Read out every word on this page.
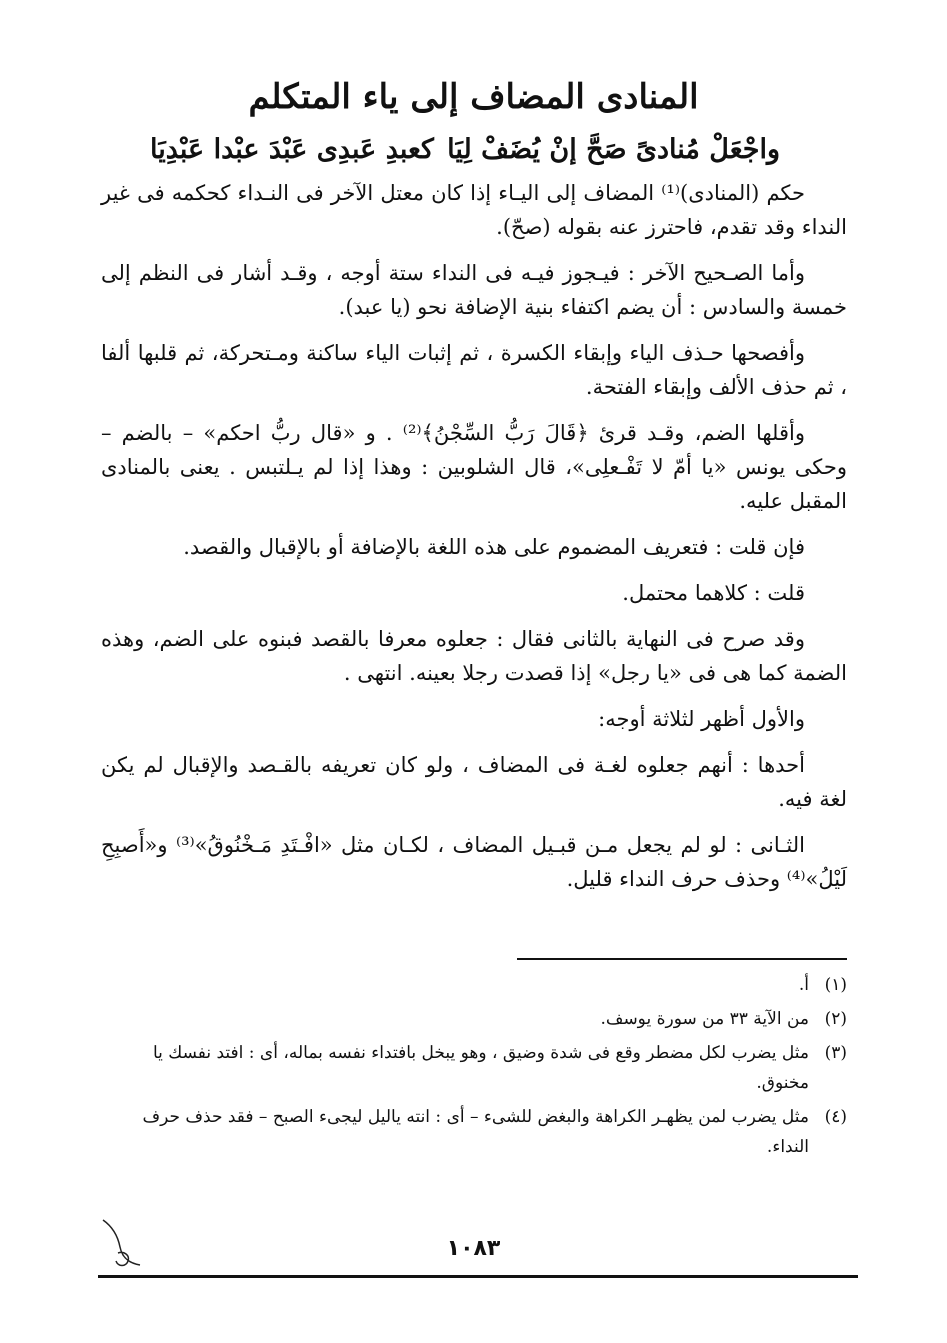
المنادى المضاف إلى ياء المتكلم
واجْعَلْ مُنادىً صَحَّ إنْ يُضَفْ لِيَا
كعبدِ عَبدِى عَبْدَ عبْدا عَبْدِيَا

حكم (المنادى)⁽¹⁾ المضاف إلى اليـاء إذا كان معتل الآخر فى النـداء كحكمه فى غير النداء وقد تقدم، فاحترز عنه بقوله (صحّ).

وأما الصـحيح الآخر : فيـجوز فيـه فى النداء ستة أوجه ، وقـد أشار فى النظم إلى خمسة والسادس : أن يضم اكتفاء بنية الإضافة نحو (يا عبد).

وأفصحها حـذف الياء وإبقاء الكسرة ، ثم إثبات الياء ساكنة ومـتحركة، ثم قلبها ألفا ، ثم حذف الألف وإبقاء الفتحة.

وأقلها الضم، وقـد قرئ ﴿قَالَ رَبُّ السِّجْنُ﴾⁽²⁾ . و «قال ربُّ احكم» – بالضم – وحكى يونس «يا أمّ لا تَفْـعلِى»، قال الشلوبين : وهذا إذا لم يـلتبس . يعنى بالمنادى المقبل عليه.

فإن قلت : فتعريف المضموم على هذه اللغة بالإضافة أو بالإقبال والقصد.

قلت : كلاهما محتمل.

وقد صرح فى النهاية بالثانى فقال : جعلوه معرفا بالقصد فبنوه على الضم، وهذه الضمة كما هى فى «يا رجل» إذا قصدت رجلا بعينه. انتهى .

والأول أظهر لثلاثة أوجه:

أحدها : أنهم جعلوه لغـة فى المضاف ، ولو كان تعريفه بالقـصد والإقبال لم يكن لغة فيه.

الثـانى : لو لم يجعل مـن قبـيل المضاف ، لكـان مثل «افْـتَدِ مَـخْنُوقُ»⁽³⁾ و«أَصبِحِ لَيْلُ»⁽⁴⁾ وحذف حرف النداء قليل.

(١)أ.
(٢)من الآية ٣٣ من سورة يوسف.
(٣)مثل يضرب لكل مضطر وقع فى شدة وضيق ، وهو يبخل بافتداء نفسه بماله، أى : افتد نفسك يا مخنوق.
(٤)مثل يضرب لمن يظهـر الكراهة والبغض للشىء – أى : انته ياليل ليجىء الصبح – فقد حذف حرف النداء.
١٠٨٣
